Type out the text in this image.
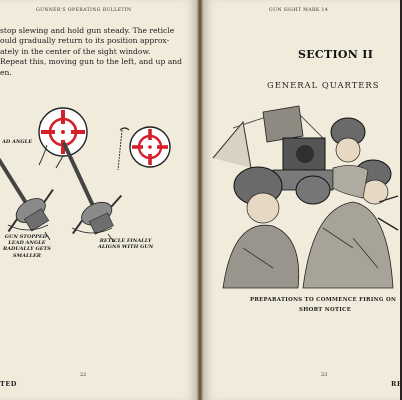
GUNNER'S OPERATING BULLETIN
stop slewing and hold gun steady. The reticle
ould gradually return to its position approx-
ately in the center of the sight window.
Repeat this, moving gun to the left, and up and
en.
AD ANGLE
GUN STOPPED-
LEAD ANGLE
RADUALLY GETS
SMALLER
RETICLE FINALLY
ALIGNS WITH GUN
22
TED
GUN SIGHT MARK 14
SECTION II
GENERAL QUARTERS
PREPARATIONS TO COMMENCE FIRING ON
SHORT NOTICE
23
RE
